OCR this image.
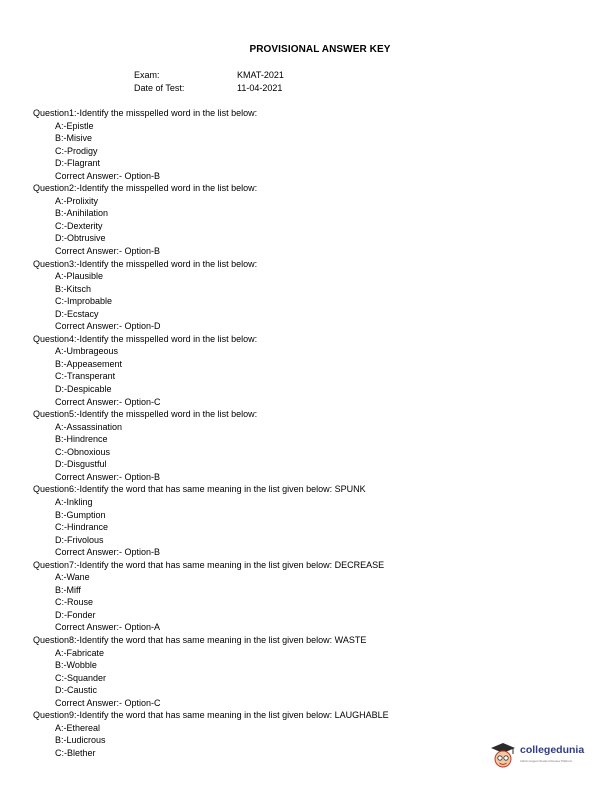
PROVISIONAL ANSWER KEY
Exam:	KMAT-2021
Date of Test:	11-04-2021
Question1:-Identify the misspelled word in the list below:
A:-Epistle
B:-Misive
C:-Prodigy
D:-Flagrant
Correct Answer:- Option-B
Question2:-Identify the misspelled word in the list below:
A:-Prolixity
B:-Anihilation
C:-Dexterity
D:-Obtrusive
Correct Answer:- Option-B
Question3:-Identify the misspelled word in the list below:
A:-Plausible
B:-Kitsch
C:-Improbable
D:-Ecstacy
Correct Answer:- Option-D
Question4:-Identify the misspelled word in the list below:
A:-Umbrageous
B:-Appeasement
C:-Transperant
D:-Despicable
Correct Answer:- Option-C
Question5:-Identify the misspelled word in the list below:
A:-Assassination
B:-Hindrence
C:-Obnoxious
D:-Disgustful
Correct Answer:- Option-B
Question6:-Identify the word that has same meaning in the list given below: SPUNK
A:-Inkling
B:-Gumption
C:-Hindrance
D:-Frivolous
Correct Answer:- Option-B
Question7:-Identify the word that has same meaning in the list given below: DECREASE
A:-Wane
B:-Miff
C:-Rouse
D:-Fonder
Correct Answer:- Option-A
Question8:-Identify the word that has same meaning in the list given below: WASTE
A:-Fabricate
B:-Wobble
C:-Squander
D:-Caustic
Correct Answer:- Option-C
Question9:-Identify the word that has same meaning in the list given below: LAUGHABLE
A:-Ethereal
B:-Ludicrous
C:-Blether	collegedunia
India's largest Student Review Platform
